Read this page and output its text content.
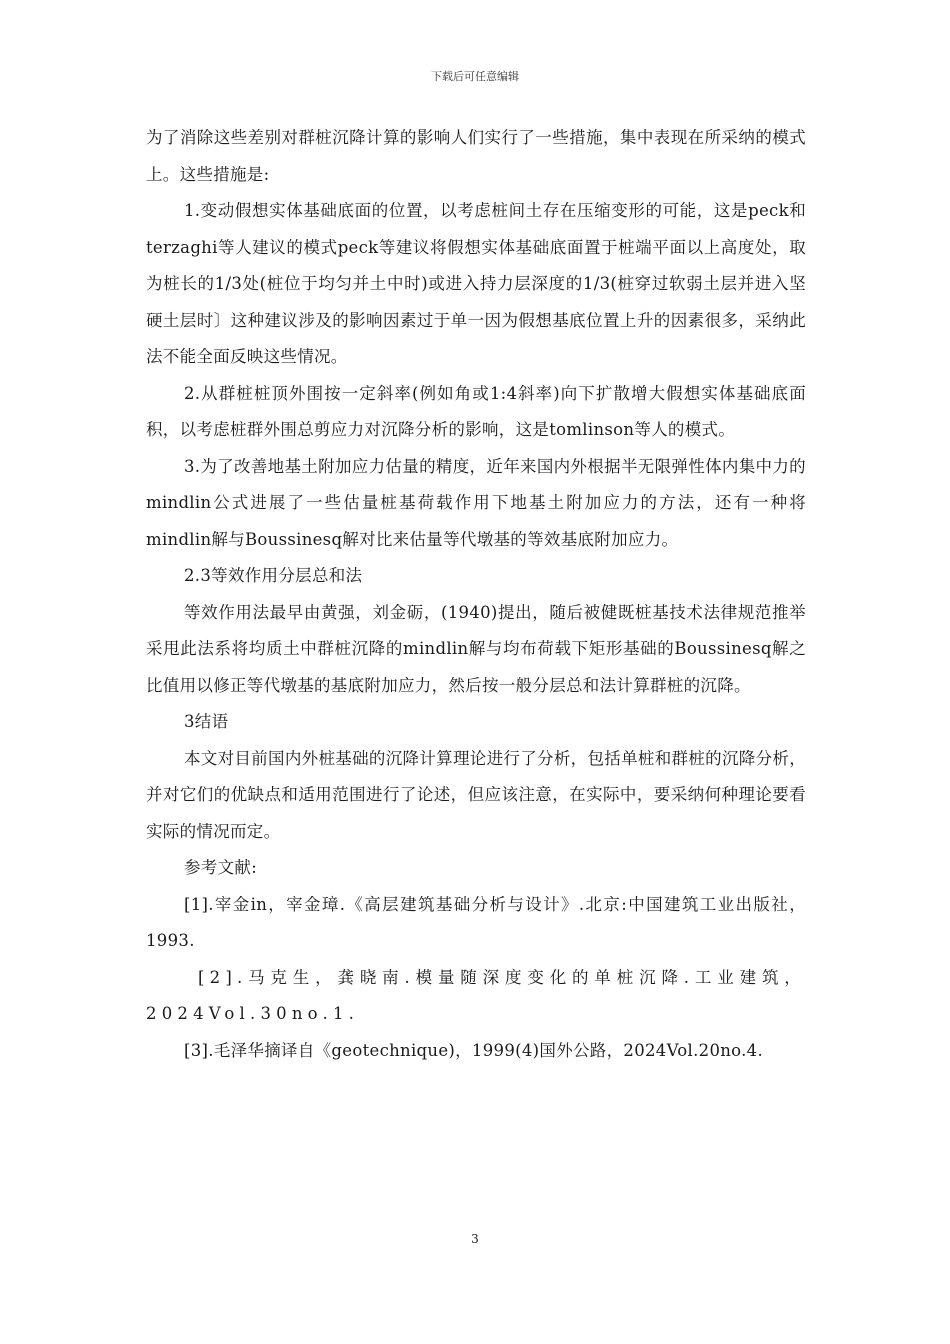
下载后可任意编辑

为了消除这些差别对群桩沉降计算的影响人们实行了一些措施，集中表现在所采纳的模式上。这些措施是:

1.变动假想实体基础底面的位置，以考虑桩间土存在压缩变形的可能，这是peck和terzaghi等人建议的模式peck等建议将假想实体基础底面置于桩端平面以上高度处，取为桩长的1/3处(桩位于均匀并土中时)或进入持力层深度的1/3(桩穿过软弱土层并进入坚硬土层时〕这种建议涉及的影响因素过于单一因为假想基底位置上升的因素很多，采纳此法不能全面反映这些情况。

2.从群桩桩顶外围按一定斜率(例如角或1:4斜率)向下扩散增大假想实体基础底面积，以考虑桩群外围总剪应力对沉降分析的影响，这是tomlinson等人的模式。

3.为了改善地基土附加应力估量的精度，近年来国内外根据半无限弹性体内集中力的mindlin公式进展了一些估量桩基荷载作用下地基土附加应力的方法，还有一种将mindlin解与Boussinesq解对比来估量等代墩基的等效基底附加应力。

2.3等效作用分层总和法

等效作用法最早由黄强，刘金砺，(1940)提出，随后被健既桩基技术法律规范推举采甩此法系将均质土中群桩沉降的mindlin解与均布荷载下矩形基础的Boussinesq解之比值用以修正等代墩基的基底附加应力，然后按一般分层总和法计算群桩的沉降。

3结语

本文对目前国内外桩基础的沉降计算理论进行了分析，包括单桩和群桩的沉降分析，并对它们的优缺点和适用范围进行了论述，但应该注意，在实际中，要采纳何种理论要看实际的情况而定。

参考文献:

[1].宰金in，宰金璋.《高层建筑基础分析与设计》.北京:中国建筑工业出版社，1993.

[2].马克生，龚晓南.模量随深度变化的单桩沉降.工业建筑，2024Vol.30no.1.

[3].毛泽华摘译自《geotechnique)，1999(4)国外公路，2024Vol.20no.4.

3
